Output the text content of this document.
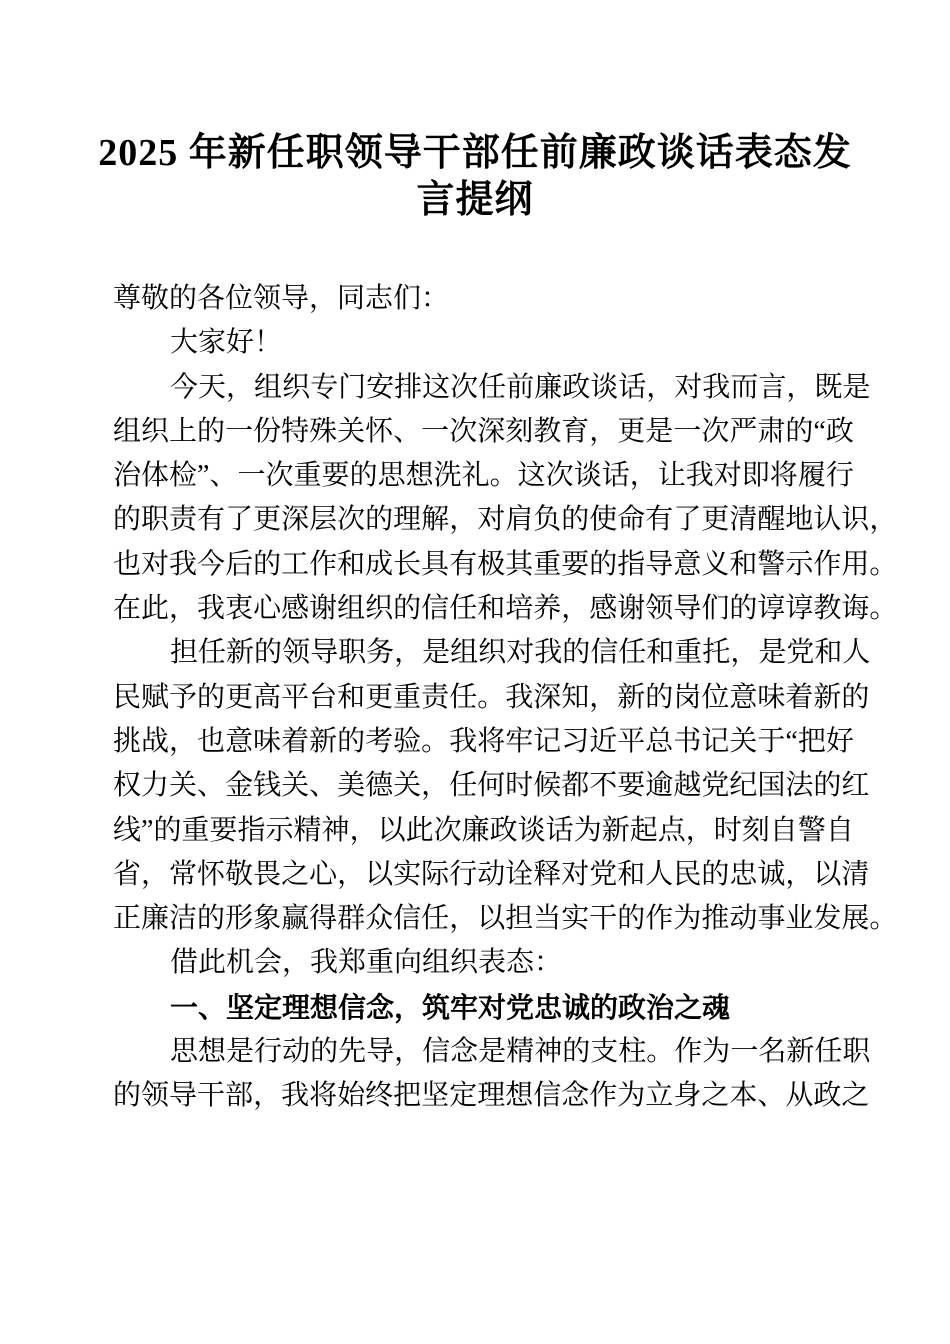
2025 年新任职领导干部任前廉政谈话表态发
言提纲
尊敬的各位领导，同志们：
大家好！
今 天 ， 组 织 专 门 安 排 这 次 任 前 廉 政 谈 话 ， 对 我 而 言 ， 既 是
组 织 上 的 一 份 特 殊 关 怀 、 一 次 深 刻 教 育 ， 更 是 一 次 严 肃 的 “ 政
治 体 检 ” 、 一 次 重 要 的 思 想 洗 礼 。 这 次 谈 话 ， 让 我 对 即 将 履 行
的 职 责 有 了 更 深 层 次 的 理 解 ， 对 肩 负 的 使 命 有 了 更 清 醒 地 认 识 ，
也 对 我 今 后 的 工 作 和 成 长 具 有 极 其 重 要 的 指 导 意 义 和 警 示 作 用 。
在 此 ， 我 衷 心 感 谢 组 织 的 信 任 和 培 养 ， 感 谢 领 导 们 的 谆 谆 教 诲 。
担 任 新 的 领 导 职 务 ， 是 组 织 对 我 的 信 任 和 重 托 ， 是 党 和 人
民 赋 予 的 更 高 平 台 和 更 重 责 任 。 我 深 知 ， 新 的 岗 位 意 味 着 新 的
挑 战 ， 也 意 味 着 新 的 考 验 。 我 将 牢 记 习 近 平 总 书 记 关 于 “ 把 好
权 力 关 、 金 钱 关 、 美 德 关 ， 任 何 时 候 都 不 要 逾 越 党 纪 国 法 的 红
线 ” 的 重 要 指 示 精 神 ， 以 此 次 廉 政 谈 话 为 新 起 点 ， 时 刻 自 警 自
省 ， 常 怀 敬 畏 之 心 ， 以 实 际 行 动 诠 释 对 党 和 人 民 的 忠 诚 ， 以 清
正 廉 洁 的 形 象 赢 得 群 众 信 任 ， 以 担 当 实 干 的 作 为 推 动 事 业 发 展 。
借此机会，我郑重向组织表态：
一、坚定理想信念，筑牢对党忠诚的政治之魂
思 想 是 行 动 的 先 导 ， 信 念 是 精 神 的 支 柱 。 作 为 一 名 新 任 职
的 领 导 干 部 ， 我 将 始 终 把 坚 定 理 想 信 念 作 为 立 身 之 本 、 从 政 之
